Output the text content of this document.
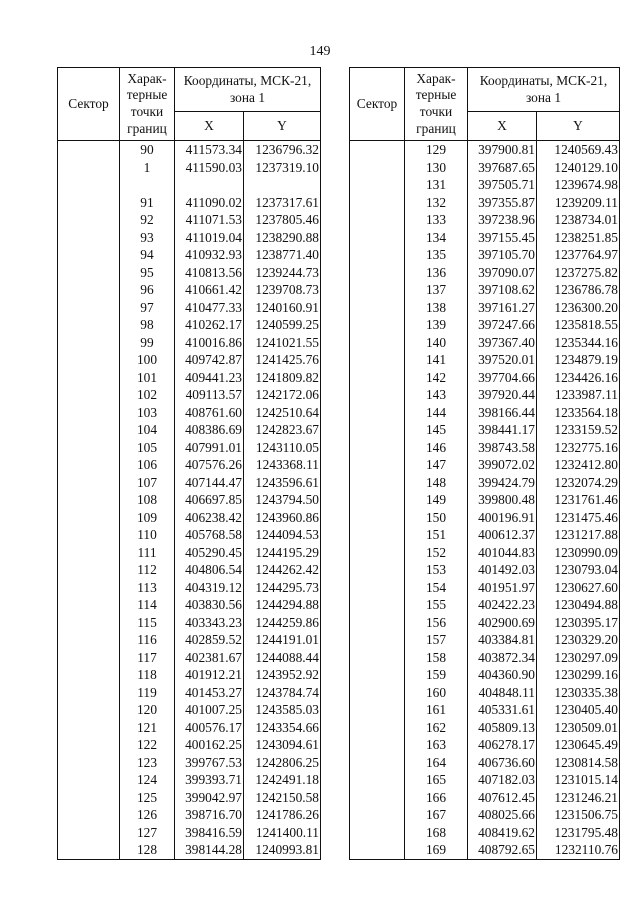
149
Сектор	Харак-терные точки границ	Координаты, МСК-21, зона 1	
		X	Y
	90	411573.34	1236796.32
	1	411590.03	1237319.10

	91	411090.02	1237317.61
	92	411071.53	1237805.46
	93	411019.04	1238290.88
	94	410932.93	1238771.40
	95	410813.56	1239244.73
	96	410661.42	1239708.73
	97	410477.33	1240160.91
	98	410262.17	1240599.25
	99	410016.86	1241021.55
	100	409742.87	1241425.76
	101	409441.23	1241809.82
	102	409113.57	1242172.06
	103	408761.60	1242510.64
	104	408386.69	1242823.67
	105	407991.01	1243110.05
	106	407576.26	1243368.11
	107	407144.47	1243596.61
	108	406697.85	1243794.50
	109	406238.42	1243960.86
	110	405768.58	1244094.53
	111	405290.45	1244195.29
	112	404806.54	1244262.42
	113	404319.12	1244295.73
	114	403830.56	1244294.88
	115	403343.23	1244259.86
	116	402859.52	1244191.01
	117	402381.67	1244088.44
	118	401912.21	1243952.92
	119	401453.27	1243784.74
	120	401007.25	1243585.03
	121	400576.17	1243354.66
	122	400162.25	1243094.61
	123	399767.53	1242806.25
	124	399393.71	1242491.18
	125	399042.97	1242150.58
	126	398716.70	1241786.26
	127	398416.59	1241400.11
	128	398144.28	1240993.81
Сектор	Харак-терные точки границ	Координаты, МСК-21, зона 1	
		X	Y
	129	397900.81	1240569.43
	130	397687.65	1240129.10
	131	397505.71	1239674.98
	132	397355.87	1239209.11
	133	397238.96	1238734.01
	134	397155.45	1238251.85
	135	397105.70	1237764.97
	136	397090.07	1237275.82
	137	397108.62	1236786.78
	138	397161.27	1236300.20
	139	397247.66	1235818.55
	140	397367.40	1235344.16
	141	397520.01	1234879.19
	142	397704.66	1234426.16
	143	397920.44	1233987.11
	144	398166.44	1233564.18
	145	398441.17	1233159.52
	146	398743.58	1232775.16
	147	399072.02	1232412.80
	148	399424.79	1232074.29
	149	399800.48	1231761.46
	150	400196.91	1231475.46
	151	400612.37	1231217.88
	152	401044.83	1230990.09
	153	401492.03	1230793.04
	154	401951.97	1230627.60
	155	402422.23	1230494.88
	156	402900.69	1230395.17
	157	403384.81	1230329.20
	158	403872.34	1230297.09
	159	404360.90	1230299.16
	160	404848.11	1230335.38
	161	405331.61	1230405.40
	162	405809.13	1230509.01
	163	406278.17	1230645.49
	164	406736.60	1230814.58
	165	407182.03	1231015.14
	166	407612.45	1231246.21
	167	408025.66	1231506.75
	168	408419.62	1231795.48
	169	408792.65	1232110.76
